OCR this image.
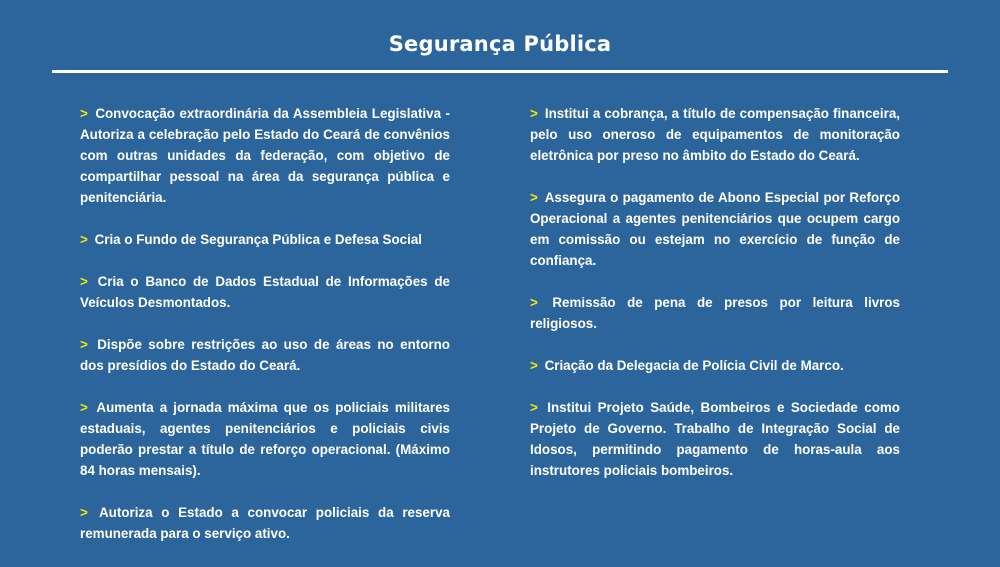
Segurança Pública

> Convocação extraordinária da Assembleia Legislativa - Autoriza a celebração pelo Estado do Ceará de convênios com outras unidades da federação, com objetivo de compartilhar pessoal na área da segurança pública e penitenciária.

> Cria o Fundo de Segurança Pública e Defesa Social

> Cria o Banco de Dados Estadual de Informações de Veículos Desmontados.

> Dispõe sobre restrições ao uso de áreas no entorno dos presídios do Estado do Ceará.

> Aumenta a jornada máxima que os policiais militares estaduais, agentes penitenciários e policiais civis poderão prestar a título de reforço operacional. (Máximo 84 horas mensais).

> Autoriza o Estado a convocar policiais da reserva remunerada para o serviço ativo.

> Institui a cobrança, a título de compensação financeira, pelo uso oneroso de equipamentos de monitoração eletrônica por preso no âmbito do Estado do Ceará.

> Assegura o pagamento de Abono Especial por Reforço Operacional a agentes penitenciários que ocupem cargo em comissão ou estejam no exercício de função de confiança.

> Remissão de pena de presos por leitura livros religiosos.

> Criação da Delegacia de Polícia Civil de Marco.

> Institui Projeto Saúde, Bombeiros e Sociedade como Projeto de Governo. Trabalho de Integração Social de Idosos, permitindo pagamento de horas-aula aos instrutores policiais bombeiros.
